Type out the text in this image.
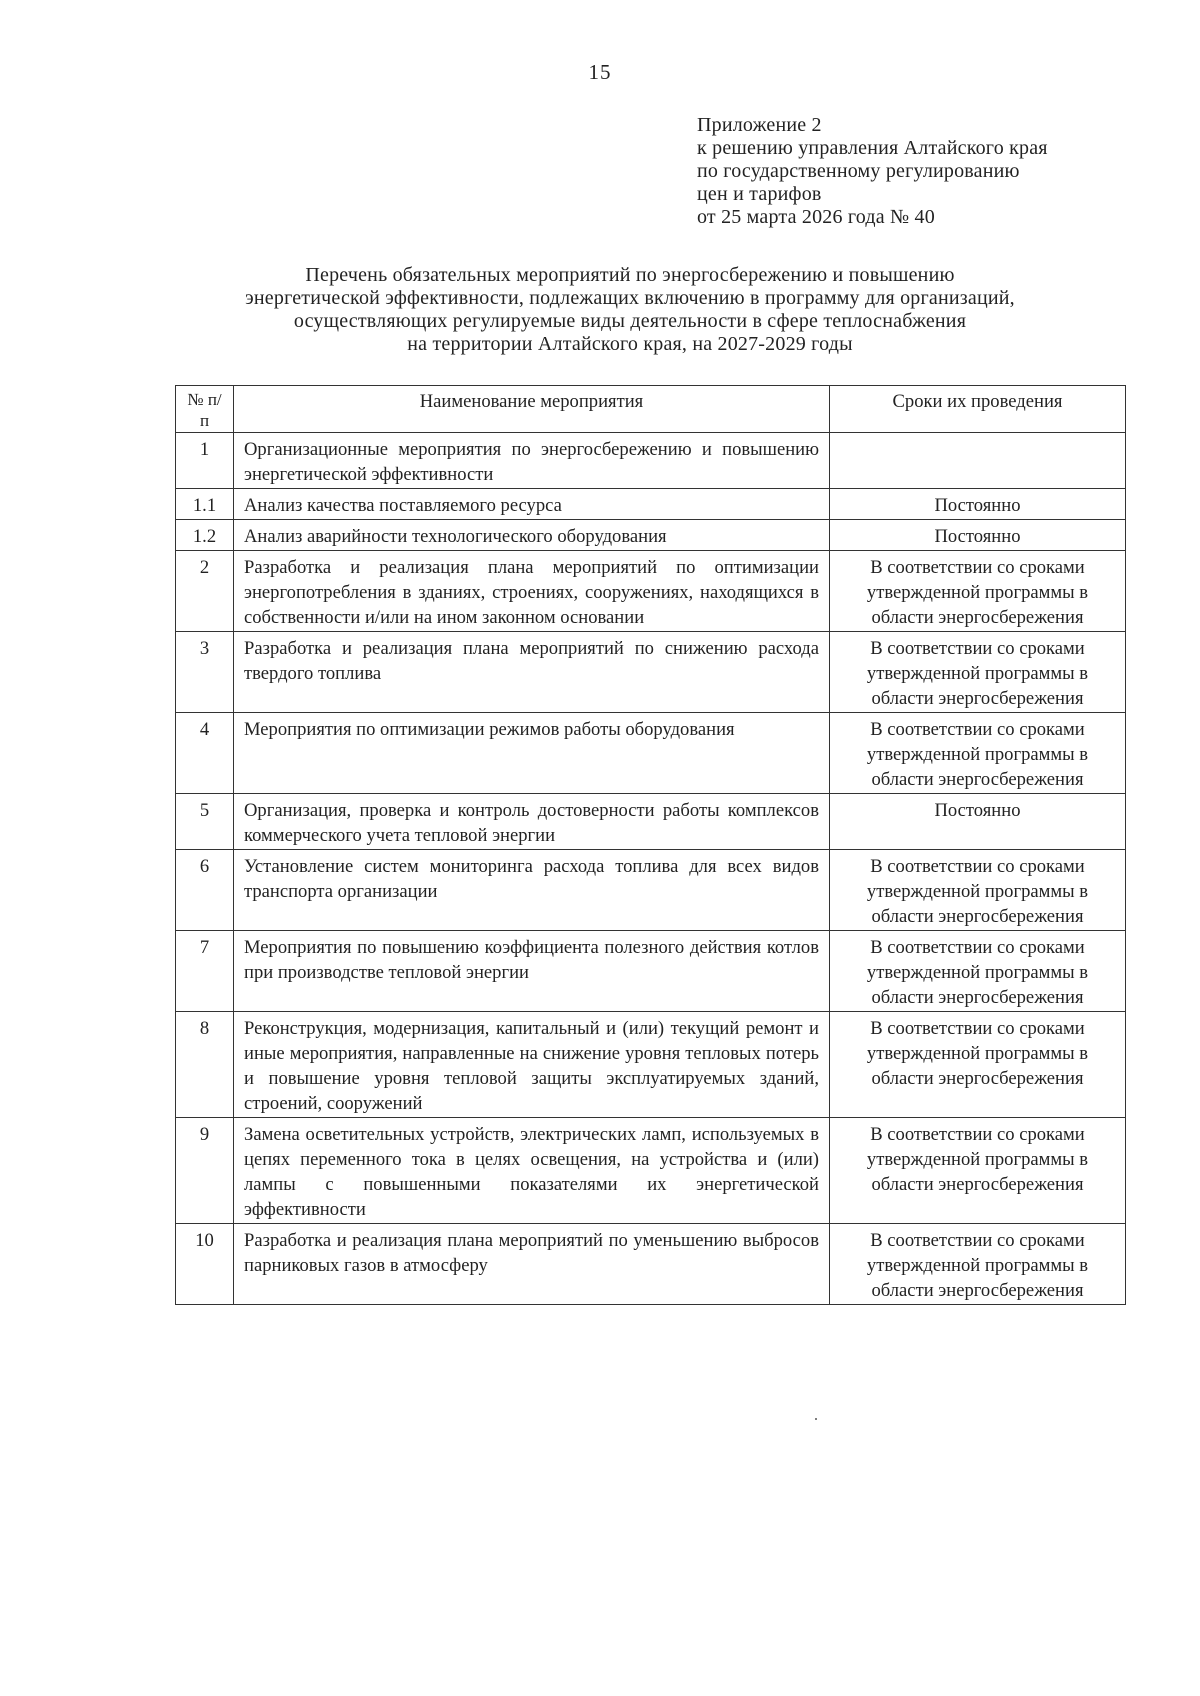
15
Приложение 2
к решению управления Алтайского края
по государственному регулированию
цен и тарифов
от 25 марта 2026 года № 40
Перечень обязательных мероприятий по энергосбережению и повышению
энергетической эффективности, подлежащих включению в программу для организаций,
осуществляющих регулируемые виды деятельности в сфере теплоснабжения
на территории Алтайского края, на 2027-2029 годы
№ п/п	Наименование мероприятия	Сроки их проведения
1	Организационные мероприятия по энергосбережению и повышению энергетической эффективности	
1.1	Анализ качества поставляемого ресурса	Постоянно
1.2	Анализ аварийности технологического оборудования	Постоянно
2	Разработка и реализация плана мероприятий по оптимизации энергопотребления в зданиях, строениях, сооружениях, находящихся в собственности и/или на ином законном основании	В соответствии со сроками утвержденной программы в области энергосбережения
3	Разработка и реализация плана мероприятий по снижению расхода твердого топлива	В соответствии со сроками утвержденной программы в области энергосбережения
4	Мероприятия по оптимизации режимов работы оборудования	В соответствии со сроками утвержденной программы в области энергосбережения
5	Организация, проверка и контроль достоверности работы комплексов коммерческого учета тепловой энергии	Постоянно
6	Установление систем мониторинга расхода топлива для всех видов транспорта организации	В соответствии со сроками утвержденной программы в области энергосбережения
7	Мероприятия по повышению коэффициента полезного действия котлов при производстве тепловой энергии	В соответствии со сроками утвержденной программы в области энергосбережения
8	Реконструкция, модернизация, капитальный и (или) текущий ремонт и иные мероприятия, направленные на снижение уровня тепловых потерь и повышение уровня тепловой защиты эксплуатируемых зданий, строений, сооружений	В соответствии со сроками утвержденной программы в области энергосбережения
9	Замена осветительных устройств, электрических ламп, используемых в цепях переменного тока в целях освещения, на устройства и (или) лампы с повышенными показателями их энергетической эффективности	В соответствии со сроками утвержденной программы в области энергосбережения
10	Разработка и реализация плана мероприятий по уменьшению выбросов парниковых газов в атмосферу	В соответствии со сроками утвержденной программы в области энергосбережения
